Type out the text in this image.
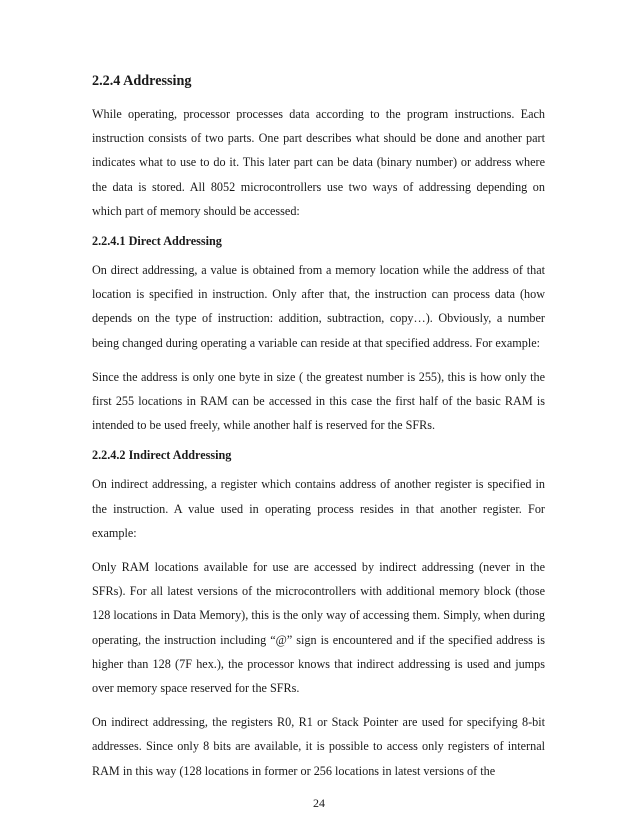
2.2.4 Addressing

While operating, processor processes data according to the program instructions. Each instruction consists of two parts. One part describes what should be done and another part indicates what to use to do it. This later part can be data (binary number) or address where the data is stored. All 8052 microcontrollers use two ways of addressing depending on which part of memory should be accessed:

2.2.4.1 Direct Addressing

On direct addressing, a value is obtained from a memory location while the address of that location is specified in instruction. Only after that, the instruction can process data (how depends on the type of instruction: addition, subtraction, copy…). Obviously, a number being changed during operating a variable can reside at that specified address. For example:

Since the address is only one byte in size ( the greatest number is 255), this is how only the first 255 locations in RAM can be accessed in this case the first half of the basic RAM is intended to be used freely, while another half is reserved for the SFRs.

2.2.4.2 Indirect Addressing

On indirect addressing, a register which contains address of another register is specified in the instruction. A value used in operating process resides in that another register. For example:

Only RAM locations available for use are accessed by indirect addressing (never in the SFRs). For all latest versions of the microcontrollers with additional memory block (those 128 locations in Data Memory), this is the only way of accessing them. Simply, when during operating, the instruction including “@” sign is encountered and if the specified address is higher than 128 (7F hex.), the processor knows that indirect addressing is used and jumps over memory space reserved for the SFRs.

On indirect addressing, the registers R0, R1 or Stack Pointer are used for specifying 8-bit addresses. Since only 8 bits are available, it is possible to access only registers of internal RAM in this way (128 locations in former or 256 locations in latest versions of the

24
